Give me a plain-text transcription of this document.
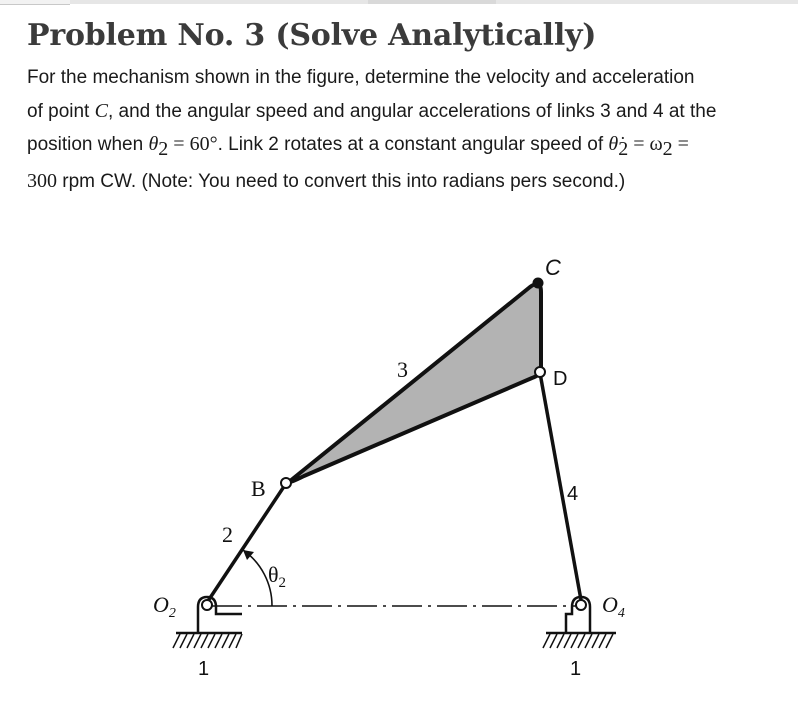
Problem No. 3 (Solve Analytically)
For the mechanism shown in the figure, determine the velocity and acceleration
of point C, and the angular speed and angular accelerations of links 3 and 4 at the
position when $\theta_2 = 60^\circ$. Link 2 rotates at a constant angular speed of $\thetȧ_2 = \omega_2$ =
300 rpm CW. (Note: You need to convert this into radians pers second.)
C
D
B
3
4
2
1	1
$O_2$	$O_4$
$\theta_2$
